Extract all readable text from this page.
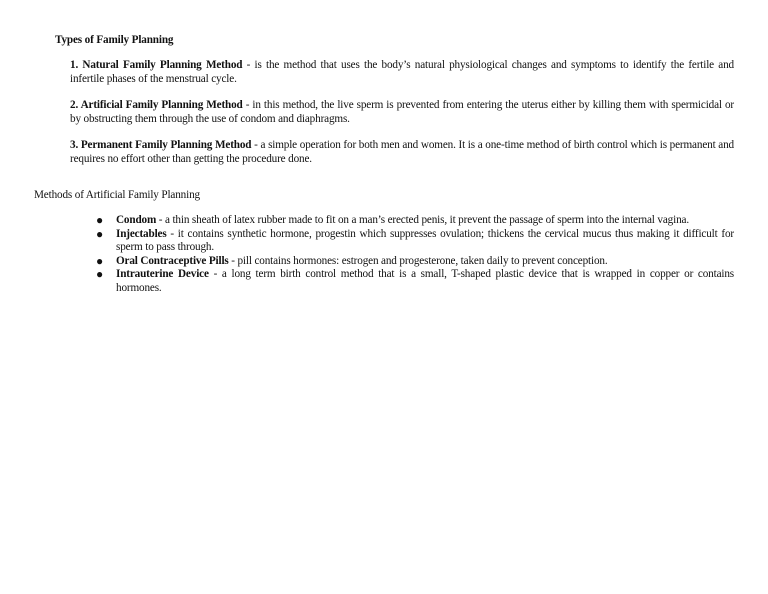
Types of Family Planning
1. Natural Family Planning Method - is the method that uses the body’s natural physiological changes and symptoms to identify the fertile and infertile phases of the menstrual cycle.
2. Artificial Family Planning Method - in this method, the live sperm is prevented from entering the uterus either by killing them with spermicidal or by obstructing them through the use of condom and diaphragms.
3. Permanent Family Planning Method - a simple operation for both men and women. It is a one-time method of birth control which is permanent and requires no effort other than getting the procedure done.
Methods of Artificial Family Planning
● Condom - a thin sheath of latex rubber made to fit on a man’s erected penis, it prevent the passage of sperm into the internal vagina.
● Injectables - it contains synthetic hormone, progestin which suppresses ovulation; thickens the cervical mucus thus making it difficult for sperm to pass through.
● Oral Contraceptive Pills - pill contains hormones: estrogen and progesterone, taken daily to prevent conception.
● Intrauterine Device - a long term birth control method that is a small, T-shaped plastic device that is wrapped in copper or contains hormones.
